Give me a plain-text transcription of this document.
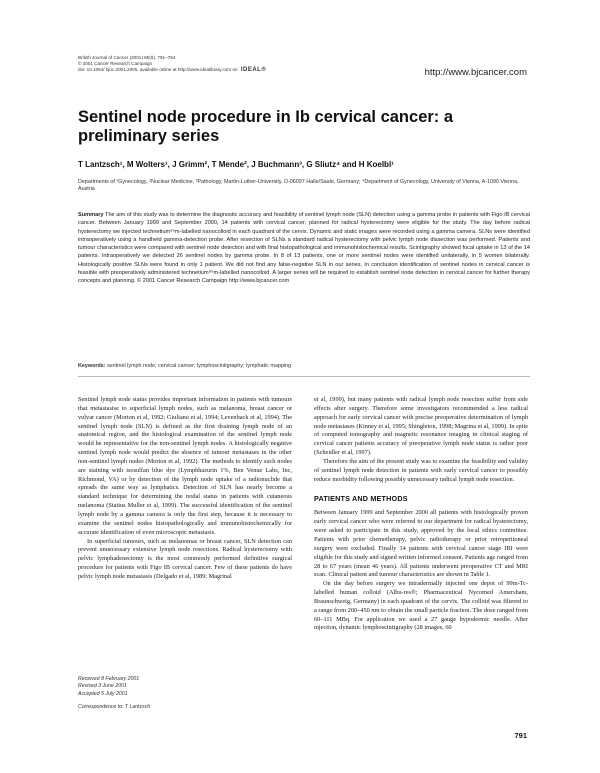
British Journal of Cancer (2001) 85(6), 791–794
© 2001 Cancer Research Campaign
doi: 10.1054/ bjoc.2001.2005, available online at http://www.idealibrary.com on IDEAL®	http://www.bjcancer.com
Sentinel node procedure in Ib cervical cancer: a preliminary series
T Lantzsch¹, M Wolters¹, J Grimm², T Mende², J Buchmann³, G Sliutz⁴ and H Koelbl¹
Departments of ¹Gynecology, ²Nuclear Medicine, ³Pathology, Martin-Luther-University, D-06097 Halle/Saale, Germany; ⁴Department of Gynecology, University of Vienna, A-1090 Vienna, Austria
Summary The aim of this study was to determine the diagnostic accuracy and feasibility of sentinel lymph node (SLN) detection using a gamma probe in patients with Figo IB cervical cancer. Between January 1999 and September 2000, 14 patients with cervical cancer, planned for radical hysterectomy were eligible for the study. The day before radical hysterectomy we injected technetium⁹⁹m-labelled nanocolloid in each quadrant of the cervix. Dynamic and static images were recorded using a gamma camera. SLNs were identified intraoperatively using a handheld gamma-detection probe. After resection of SLNs a standard radical hysterectomy with pelvic lymph node dissection was performed. Patients and tumour characteristics were compared with sentinel node detection and with final histopathological and immunohistochemical results. Scintigraphy showed focal uptake in 13 of the 14 patients. Intraoperatively we detected 26 sentinel nodes by gamma probe. In 8 of 13 patients, one or more sentinel nodes were identified unilaterally, in 5 women bilaterally. Histologically positive SLNs were found in only 1 patient. We did not find any false-negative SLN in our series. In conclusion identification of sentinel nodes in cervical cancer is feasible with preoperatively administered technetium⁹⁹m-labelled nanocolloid. A larger series will be required to establish sentinel node detection in cervical cancer for further therapy concepts and planning. © 2001 Cancer Research Campaign http://www.bjcancer.com
Keywords: sentinel lymph node; cervical cancer; lymphoscintigraphy; lymphatic mapping

Sentinel lymph node status provides important information in patients with tumours that metastasise to superficial lymph nodes, such as melanoma, breast cancer or vulvar cancer (Morton et al, 1992; Giuliano et al, 1994; Levenback et al, 1994). The sentinel lymph node (SLN) is defined as the first draining lymph node of an anatomical region, and the histological examination of the sentinel lymph node would be representative for the non-sentinel lymph nodes. A histologically negative sentinel lymph node would predict the absence of tumour metastases in the other non-sentinel lymph nodes (Morton et al, 1992). The methods to identify such nodes are staining with isosulfan blue dye (Lymphhazurin 1%, Ben Venue Labs, Inc, Richmond, VA) or by detection of the lymph node uptake of a radionuclide that spreads the same way as lymphatics. Detection of SLN has nearly become a standard technique for determining the nodal status in patients with cutaneous melanoma (Statius Muller et al, 1999). The successful identification of the sentinel lymph node by a gamma camera is only the first step, because it is necessary to examine the sentinel nodes histopathologically and immunohistochemically for accurate identification of even microscopic metastasis.

In superficial tumours, such as melanomas or breast cancer, SLN detection can prevent unnecessary extensive lymph node resections. Radical hysterectomy with pelvic lymphadenectomy is the most commonly performed definitive surgical procedure for patients with Figo IB cervical cancer. Few of these patients do have pelvic lymph node metastasis (Delgado et al, 1989; Magrinal

et al, 1999), but many patients with radical lymph node resection suffer from side effects after surgery. Therefore some investigators recommended a less radical approach for early cervical cancer with precise preoperative determination of lymph node metastases (Kinney et al, 1995; Shingleton, 1998; Magrina et al, 1999). In spite of computed tomography and magnetic resonance imaging in clinical staging of cervical cancer patients accuracy of preoperative lymph node status is rather poor (Scheidler et al, 1997).

Therefore the aim of the present study was to examine the feasibility and validity of sentinel lymph node detection in patients with early cervical cancer to possibly reduce morbidity following possibly unnecessary radical lymph node resection.

PATIENTS AND METHODS

Between January 1999 and September 2000 all patients with histologically proven early cervical cancer who were referred to our department for radical hysterectomy, were asked to participate in this study, approved by the local ethics committee. Patients with prior chemotherapy, pelvic radiotherapy or prior retroperitoneal surgery were excluded. Finally 14 patients with cervical cancer stage IBI were eligible for this study and signed written informed consent. Patients age ranged from 28 to 67 years (mean 46 years). All patients underwent preoperative CT and MRI scan. Clinical patient and tumour characteristics are shown in Table 1.

On the day before surgery we intradermally injected one depot of 99m-Tc-labelled human colloid (Albu-res®; Pharmaceutical Nycomed Amersham, Braunschweig, Germany) in each quadrant of the cervix. The colloid was filtered to a range from 200–450 nm to obtain the small particle fraction. The dose ranged from 60–111 MBq. For application we used a 27 gauge hypodermic needle. After injection, dynamic lymphoscintigraphy (28 images, 60

Received 8 February 2001
Revised 3 June 2001
Accepted 5 July 2001
Correspondence to: T Lantzsch
791
